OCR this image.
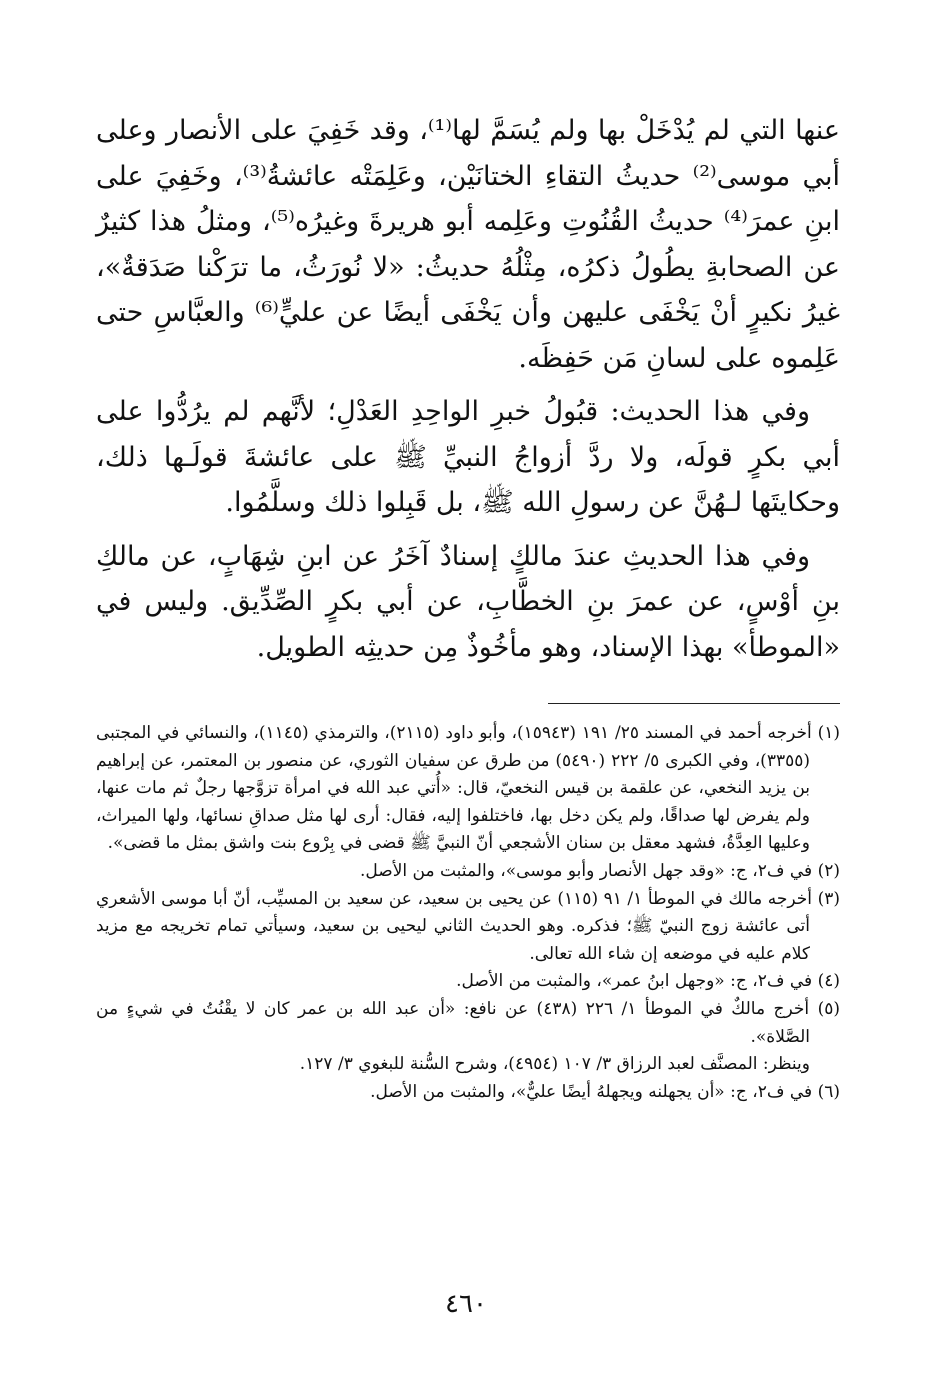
عنها التي لم يُدْخَلْ بها ولم يُسَمَّ لها⁽¹⁾، وقد خَفِيَ على الأنصار وعلى أبي موسى⁽²⁾ حديثُ التقاءِ الختانَيْن، وعَلِمَتْه عائشةُ⁽³⁾، وخَفِيَ على ابنِ عمرَ⁽⁴⁾ حديثُ القُنُوتِ وعَلِمه أبو هريرةَ وغيرُه⁽⁵⁾، ومثلُ هذا كثيرٌ عن الصحابةِ يطُولُ ذكرُه، مِثْلُهُ حديثُ: «لا نُورَثُ، ما ترَكْنا صَدَقةٌ»، غيرُ نكيرٍ أنْ يَخْفَى عليهن وأن يَخْفَى أيضًا عن عليٍّ⁽⁶⁾ والعبَّاسِ حتى عَلِموه على لسانِ مَن حَفِظَه.

وفي هذا الحديث: قبُولُ خبرِ الواحِدِ العَدْلِ؛ لأنَّهم لم يرُدُّوا على أبي بكرٍ قولَه، ولا ردَّ أزواجُ النبيِّ ﷺ على عائشةَ قولَـها ذلك، وحكايتَها لـهُنَّ عن رسولِ الله ﷺ، بل قَبِلوا ذلك وسلَّمُوا.

وفي هذا الحديثِ عندَ مالكٍ إسنادٌ آخَرُ عن ابنِ شِهَابٍ، عن مالكِ بنِ أوْسٍ، عن عمرَ بنِ الخطَّابِ، عن أبي بكرٍ الصِّدِّيق. وليس في «الموطأ» بهذا الإسناد، وهو مأخُوذٌ مِن حديثِه الطويل.

(١) أخرجه أحمد في المسند ٢٥/ ١٩١ (١٥٩٤٣)، وأبو داود (٢١١٥)، والترمذي (١١٤٥)، والنسائي في المجتبى (٣٣٥٥)، وفي الكبرى ٥/ ٢٢٢ (٥٤٩٠) من طرق عن سفيان الثوري، عن منصور بن المعتمر، عن إبراهيم بن يزيد النخعي، عن علقمة بن قيس النخعيّ، قال: «أُتي عبد الله في امرأة تزوَّجها رجلٌ ثم مات عنها، ولم يفرض لها صداقًا، ولم يكن دخل بها، فاختلفوا إليه، فقال: أرى لها مثل صداقِ نسائها، ولها الميراث، وعليها العِدَّةُ، فشهد معقل بن سنان الأشجعي أنّ النبيَّ ﷺ قضى في بِرْوع بنت واشق بمثل ما قضى».

(٢) في ف٢، ج: «وقد جهل الأنصار وأبو موسى»، والمثبت من الأصل.

(٣) أخرجه مالك في الموطأ ١/ ٩١ (١١٥) عن يحيى بن سعيد، عن سعيد بن المسيِّب، أنّ أبا موسى الأشعري أتى عائشة زوج النبيّ ﷺ؛ فذكره. وهو الحديث الثاني ليحيى بن سعيد، وسيأتي تمام تخريجه مع مزيد كلام عليه في موضعه إن شاء الله تعالى.

(٤) في ف٢، ج: «وجهل ابنُ عمر»، والمثبت من الأصل.

(٥) أخرج مالكٌ في الموطأ ١/ ٢٢٦ (٤٣٨) عن نافع: «أن عبد الله بن عمر كان لا يقْنُتُ في شيءٍ من الصَّلاة».

وينظر: المصنَّف لعبد الرزاق ٣/ ١٠٧ (٤٩٥٤)، وشرح السُّنة للبغوي ٣/ ١٢٧.

(٦) في ف٢، ج: «أن يجهلنه ويجهلهُ أيضًا عليٌّ»، والمثبت من الأصل.

٤٦٠
